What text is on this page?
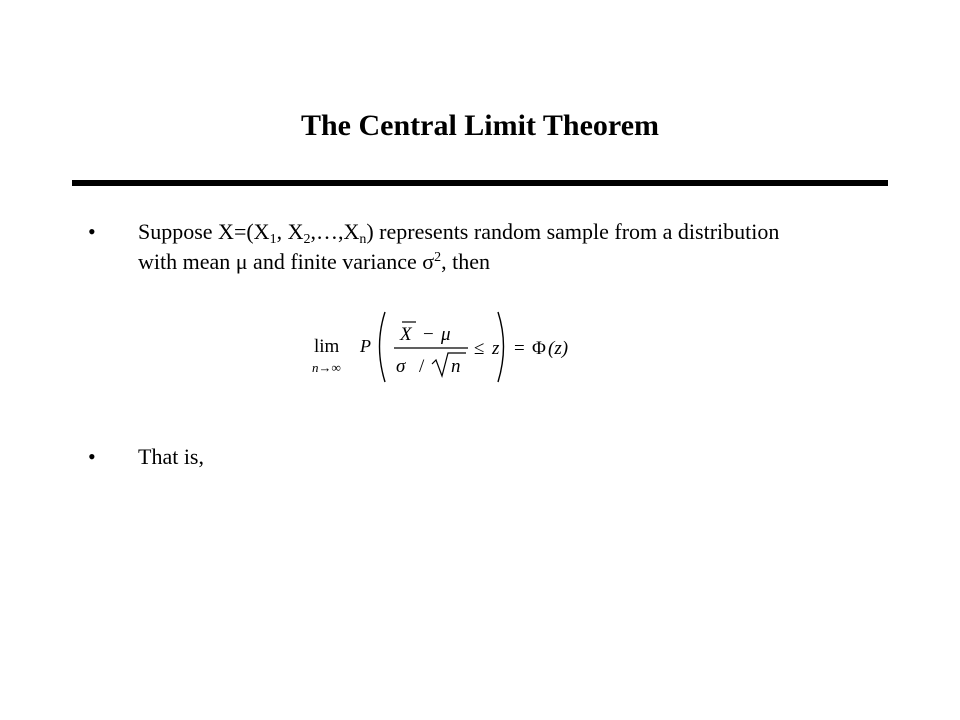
The Central Limit Theorem
• Suppose $X=(X_1$, $X_2,\dots,X_n$) represents random sample from a distribution with mean μ and finite variance $\sigma^2$, then
lim
n→∞
P
X − μ
σ / n
≤ z = Φ (z)
• That is,
